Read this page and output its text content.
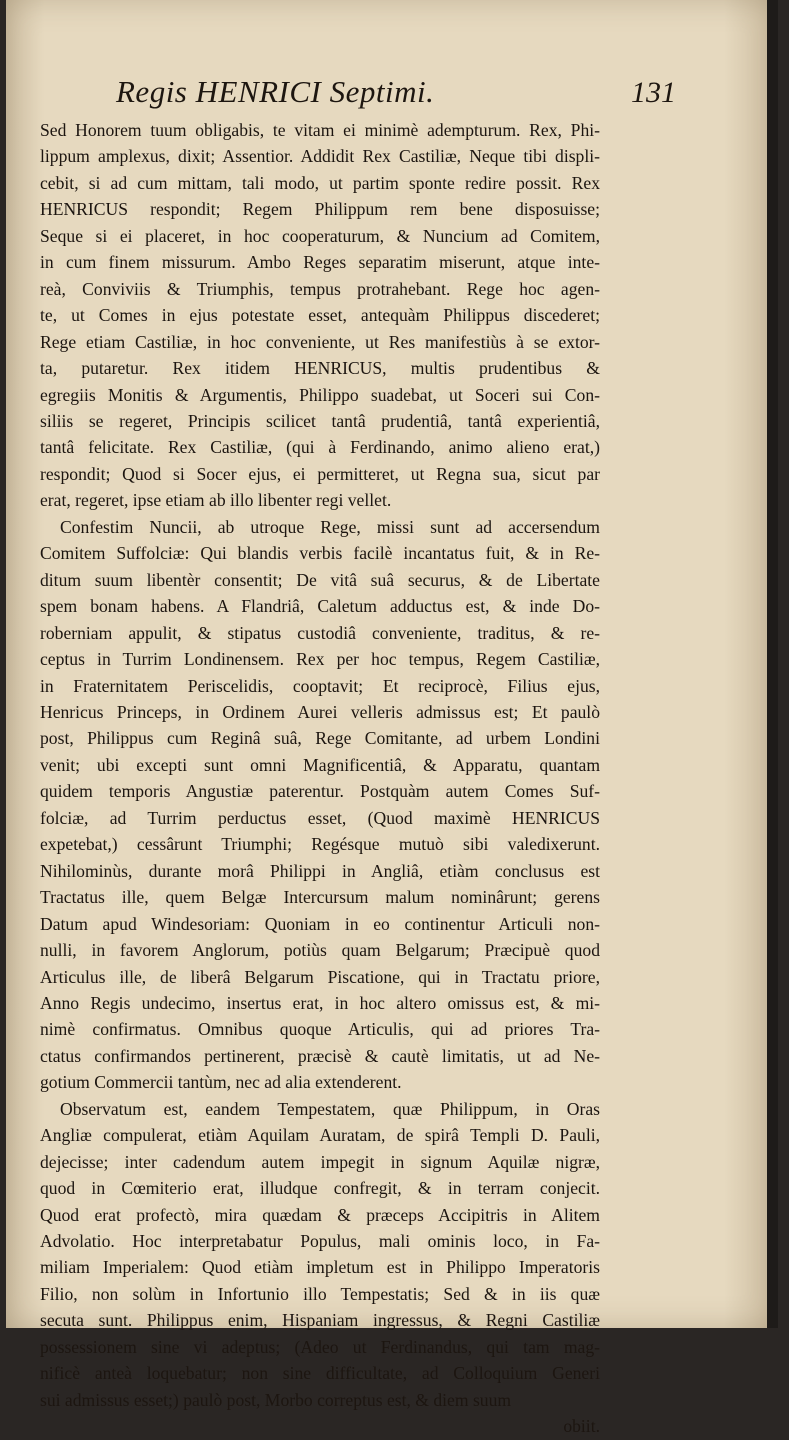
Regis HENRICI Septimi.	131
Sed Honorem tuum obligabis, te vitam ei minimè adempturum. Rex, Phi-
lippum amplexus, dixit; Assentior. Addidit Rex Castiliæ, Neque tibi displi-
cebit, si ad cum mittam, tali modo, ut partim sponte redire possit. Rex
HENRICUS respondit; Regem Philippum rem bene disposuisse;
Seque si ei placeret, in hoc cooperaturum, & Nuncium ad Comitem,
in cum finem missurum. Ambo Reges separatim miserunt, atque inte-
reà, Conviviis & Triumphis, tempus protrahebant. Rege hoc agen-
te, ut Comes in ejus potestate esset, antequàm Philippus discederet;
Rege etiam Castiliæ, in hoc conveniente, ut Res manifestiùs à se extor-
ta, putaretur. Rex itidem HENRICUS, multis prudentibus &
egregiis Monitis & Argumentis, Philippo suadebat, ut Soceri sui Con-
siliis se regeret, Principis scilicet tantâ prudentiâ, tantâ experientiâ,
tantâ felicitate. Rex Castiliæ, (qui à Ferdinando, animo alieno erat,)
respondit; Quod si Socer ejus, ei permitteret, ut Regna sua, sicut par
erat, regeret, ipse etiam ab illo libenter regi vellet.
Confestim Nuncii, ab utroque Rege, missi sunt ad accersendum
Comitem Suffolciæ: Qui blandis verbis facilè incantatus fuit, & in Re-
ditum suum libentèr consentit; De vitâ suâ securus, & de Libertate
spem bonam habens. A Flandriâ, Caletum adductus est, & inde Do-
roberniam appulit, & stipatus custodiâ conveniente, traditus, & re-
ceptus in Turrim Londinensem. Rex per hoc tempus, Regem Castiliæ,
in Fraternitatem Periscelidis, cooptavit; Et reciprocè, Filius ejus,
Henricus Princeps, in Ordinem Aurei velleris admissus est; Et paulò
post, Philippus cum Reginâ suâ, Rege Comitante, ad urbem Londini
venit; ubi excepti sunt omni Magnificentiâ, & Apparatu, quantam
quidem temporis Angustiæ paterentur. Postquàm autem Comes Suf-
folciæ, ad Turrim perductus esset, (Quod maximè HENRICUS
expetebat,) cessârunt Triumphi; Regésque mutuò sibi valedixerunt.
Nihilominùs, durante morâ Philippi in Angliâ, etiàm conclusus est
Tractatus ille, quem Belgæ Intercursum malum nominârunt; gerens
Datum apud Windesoriam: Quoniam in eo continentur Articuli non-
nulli, in favorem Anglorum, potiùs quam Belgarum; Præcipuè quod
Articulus ille, de liberâ Belgarum Piscatione, qui in Tractatu priore,
Anno Regis undecimo, insertus erat, in hoc altero omissus est, & mi-
nimè confirmatus. Omnibus quoque Articulis, qui ad priores Tra-
ctatus confirmandos pertinerent, præcisè & cautè limitatis, ut ad Ne-
gotium Commercii tantùm, nec ad alia extenderent.
Observatum est, eandem Tempestatem, quæ Philippum, in Oras
Angliæ compulerat, etiàm Aquilam Auratam, de spirâ Templi D. Pauli,
dejecisse; inter cadendum autem impegit in signum Aquilæ nigræ,
quod in Cœmiterio erat, illudque confregit, & in terram conjecit.
Quod erat profectò, mira quædam & præceps Accipitris in Alitem
Advolatio. Hoc interpretabatur Populus, mali ominis loco, in Fa-
miliam Imperialem: Quod etiàm impletum est in Philippo Imperatoris
Filio, non solùm in Infortunio illo Tempestatis; Sed & in iis quæ
secuta sunt. Philippus enim, Hispaniam ingressus, & Regni Castiliæ
possessionem sine vi adeptus; (Adeo ut Ferdinandus, qui tam mag-
nificè anteà loquebatur; non sine difficultate, ad Colloquium Generi
sui admissus esset;) paulò post, Morbo correptus est, & diem suum
obiit.
